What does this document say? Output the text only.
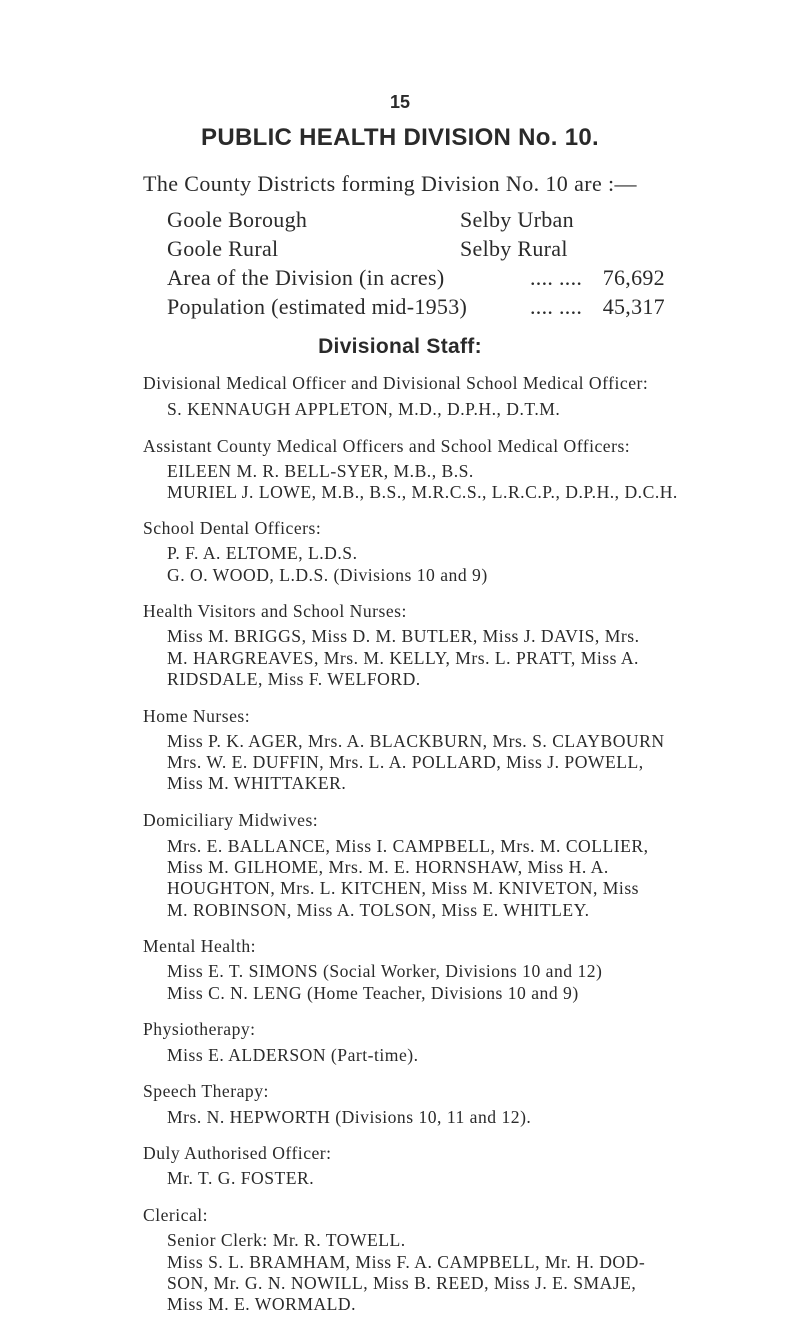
15
PUBLIC HEALTH DIVISION No. 10.
The County Districts forming Division No. 10 are :—
Goole Borough	Selby Urban
Goole Rural	Selby Rural
Area of the Division (in acres)	.... .... 76,692
Population (estimated mid-1953)	.... .... 45,317
Divisional Staff:
Divisional Medical Officer and Divisional School Medical Officer:
S. KENNAUGH APPLETON, M.D., D.P.H., D.T.M.
Assistant County Medical Officers and School Medical Officers:
EILEEN M. R. BELL-SYER, M.B., B.S.
MURIEL J. LOWE, M.B., B.S., M.R.C.S., L.R.C.P., D.P.H., D.C.H.
School Dental Officers:
P. F. A. ELTOME, L.D.S.
G. O. WOOD, L.D.S. (Divisions 10 and 9)
Health Visitors and School Nurses:
Miss M. BRIGGS, Miss D. M. BUTLER, Miss J. DAVIS, Mrs.
M. HARGREAVES, Mrs. M. KELLY, Mrs. L. PRATT, Miss A.
RIDSDALE, Miss F. WELFORD.
Home Nurses:
Miss P. K. AGER, Mrs. A. BLACKBURN, Mrs. S. CLAYBOURN
Mrs. W. E. DUFFIN, Mrs. L. A. POLLARD, Miss J. POWELL,
Miss M. WHITTAKER.
Domiciliary Midwives:
Mrs. E. BALLANCE, Miss I. CAMPBELL, Mrs. M. COLLIER,
Miss M. GILHOME, Mrs. M. E. HORNSHAW, Miss H. A.
HOUGHTON, Mrs. L. KITCHEN, Miss M. KNIVETON, Miss
M. ROBINSON, Miss A. TOLSON, Miss E. WHITLEY.
Mental Health:
Miss E. T. SIMONS (Social Worker, Divisions 10 and 12)
Miss C. N. LENG (Home Teacher, Divisions 10 and 9)
Physiotherapy:
Miss E. ALDERSON (Part-time).
Speech Therapy:
Mrs. N. HEPWORTH (Divisions 10, 11 and 12).
Duly Authorised Officer:
Mr. T. G. FOSTER.
Clerical:
Senior Clerk: Mr. R. TOWELL.
Miss S. L. BRAMHAM, Miss F. A. CAMPBELL, Mr. H. DOD-
SON, Mr. G. N. NOWILL, Miss B. REED, Miss J. E. SMAJE,
Miss M. E. WORMALD.
